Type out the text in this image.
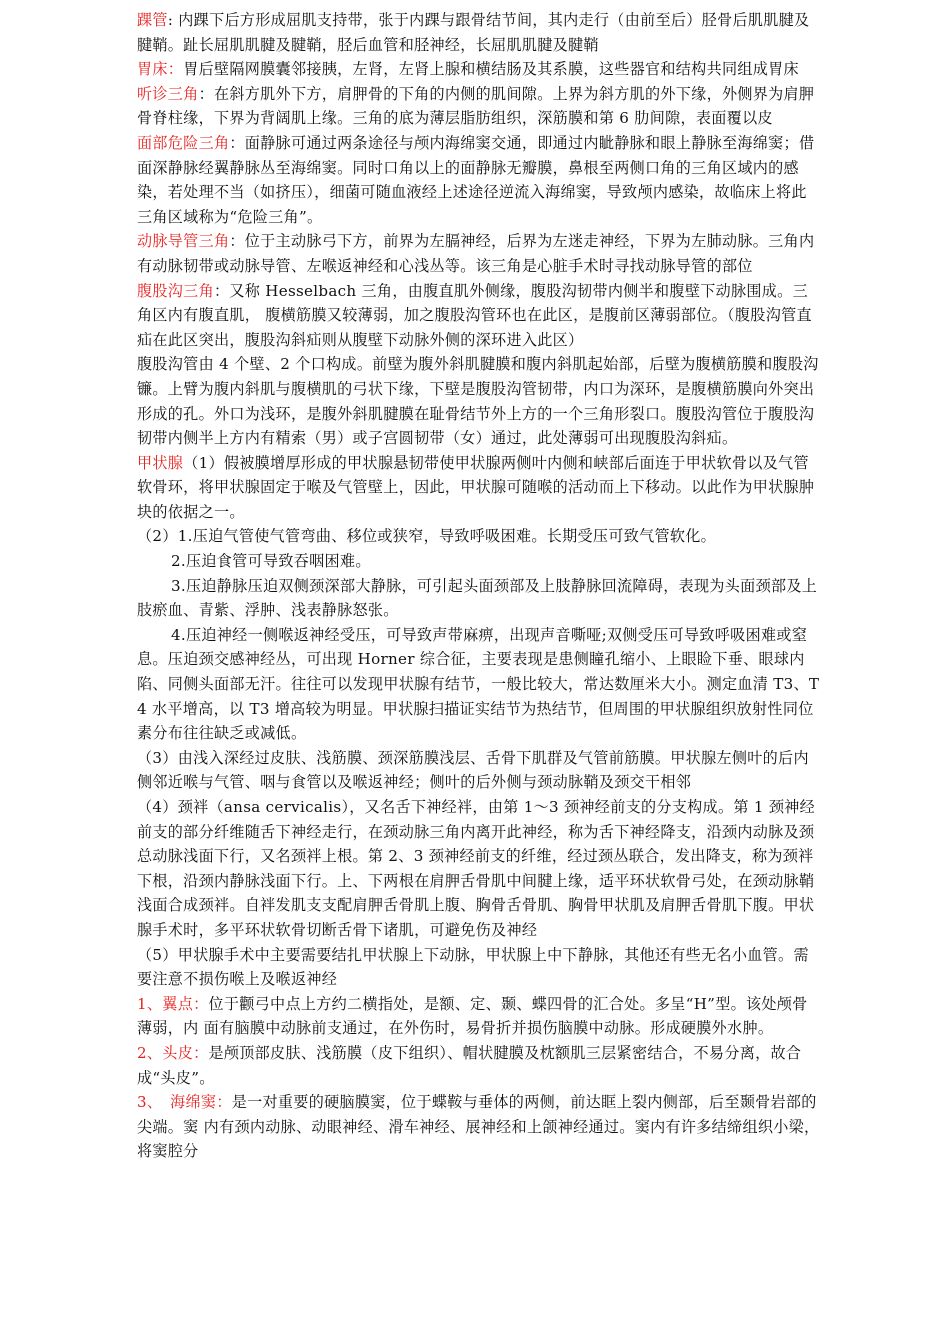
踝管: 内踝下后方形成屈肌支持带，张于内踝与跟骨结节间，其内走行（由前至后）胫骨后肌肌腱及腱鞘。趾长屈肌肌腱及腱鞘，胫后血管和胫神经，长屈肌肌腱及腱鞘

胃床：胃后壁隔网膜囊邻接胰，左肾，左肾上腺和横结肠及其系膜，这些器官和结构共同组成胃床

听诊三角：在斜方肌外下方，肩胛骨的下角的内侧的肌间隙。上界为斜方肌的外下缘，外侧界为肩胛骨脊柱缘，下界为背阔肌上缘。三角的底为薄层脂肪组织，深筋膜和第 6 肋间隙，表面覆以皮

面部危险三角：面静脉可通过两条途径与颅内海绵窦交通，即通过内眦静脉和眼上静脉至海绵窦；借面深静脉经翼静脉丛至海绵窦。同时口角以上的面静脉无瓣膜，鼻根至两侧口角的三角区域内的感染，若处理不当（如挤压），细菌可随血液经上述途径逆流入海绵窦，导致颅内感染，故临床上将此三角区域称为“危险三角”。

动脉导管三角：位于主动脉弓下方，前界为左膈神经，后界为左迷走神经，下界为左肺动脉。三角内有动脉韧带或动脉导管、左喉返神经和心浅丛等。该三角是心脏手术时寻找动脉导管的部位

腹股沟三角：又称 Hesselbach 三角，由腹直肌外侧缘，腹股沟韧带内侧半和腹壁下动脉围成。三角区内有腹直肌， 腹横筋膜又较薄弱，加之腹股沟管环也在此区，是腹前区薄弱部位。（腹股沟管直疝在此区突出，腹股沟斜疝则从腹壁下动脉外侧的深环进入此区）

腹股沟管由 4 个壁、2 个口构成。前壁为腹外斜肌腱膜和腹内斜肌起始部，后壁为腹横筋膜和腹股沟镰。上臂为腹内斜肌与腹横肌的弓状下缘，下壁是腹股沟管韧带，内口为深环，是腹横筋膜向外突出形成的孔。外口为浅环，是腹外斜肌腱膜在耻骨结节外上方的一个三角形裂口。腹股沟管位于腹股沟韧带内侧半上方内有精索（男）或子宫圆韧带（女）通过，此处薄弱可出现腹股沟斜疝。

甲状腺（1）假被膜增厚形成的甲状腺悬韧带使甲状腺两侧叶内侧和峡部后面连于甲状软骨以及气管软骨环，将甲状腺固定于喉及气管壁上，因此，甲状腺可随喉的活动而上下移动。以此作为甲状腺肿块的依据之一。

（2）1.压迫气管使气管弯曲、移位或狭窄，导致呼吸困难。长期受压可致气管软化。

2.压迫食管可导致吞咽困难。

3.压迫静脉压迫双侧颈深部大静脉，可引起头面颈部及上肢静脉回流障碍，表现为头面颈部及上肢瘀血、青紫、浮肿、浅表静脉怒张。

4.压迫神经一侧喉返神经受压，可导致声带麻痹，出现声音嘶哑;双侧受压可导致呼吸困难或窒息。压迫颈交感神经丛，可出现 Horner 综合征，主要表现是患侧瞳孔缩小、上眼睑下垂、眼球内陷、同侧头面部无汗。往往可以发现甲状腺有结节，一般比较大，常达数厘米大小。测定血清 T3、T4 水平增高，以 T3 增高较为明显。甲状腺扫描证实结节为热结节，但周围的甲状腺组织放射性同位素分布往往缺乏或减低。

（3）由浅入深经过皮肤、浅筋膜、颈深筋膜浅层、舌骨下肌群及气管前筋膜。甲状腺左侧叶的后内侧邻近喉与气管、咽与食管以及喉返神经；侧叶的后外侧与颈动脉鞘及颈交干相邻

（4）颈袢（ansa cervicalis），又名舌下神经袢，由第 1～3 颈神经前支的分支构成。第 1 颈神经前支的部分纤维随舌下神经走行，在颈动脉三角内离开此神经，称为舌下神经降支，沿颈内动脉及颈总动脉浅面下行，又名颈袢上根。第 2、3 颈神经前支的纤维，经过颈丛联合，发出降支，称为颈袢下根，沿颈内静脉浅面下行。上、下两根在肩胛舌骨肌中间腱上缘，适平环状软骨弓处，在颈动脉鞘浅面合成颈袢。自袢发肌支支配肩胛舌骨肌上腹、胸骨舌骨肌、胸骨甲状肌及肩胛舌骨肌下腹。甲状腺手术时，多平环状软骨切断舌骨下诸肌，可避免伤及神经

（5）甲状腺手术中主要需要结扎甲状腺上下动脉，甲状腺上中下静脉，其他还有些无名小血管。需要注意不损伤喉上及喉返神经

1、翼点：位于颧弓中点上方约二横指处，是额、定、颞、蝶四骨的汇合处。多呈“H”型。该处颅骨薄弱，内 面有脑膜中动脉前支通过，在外伤时，易骨折并损伤脑膜中动脉。形成硬膜外水肿。

2、头皮：是颅顶部皮肤、浅筋膜（皮下组织）、帽状腱膜及枕额肌三层紧密结合，不易分离，故合成“头皮”。

3、　海绵窦：是一对重要的硬脑膜窦，位于蝶鞍与垂体的两侧，前达眶上裂内侧部，后至颞骨岩部的尖端。窦 内有颈内动脉、动眼神经、滑车神经、展神经和上颌神经通过。窦内有许多结缔组织小梁，将窦腔分
